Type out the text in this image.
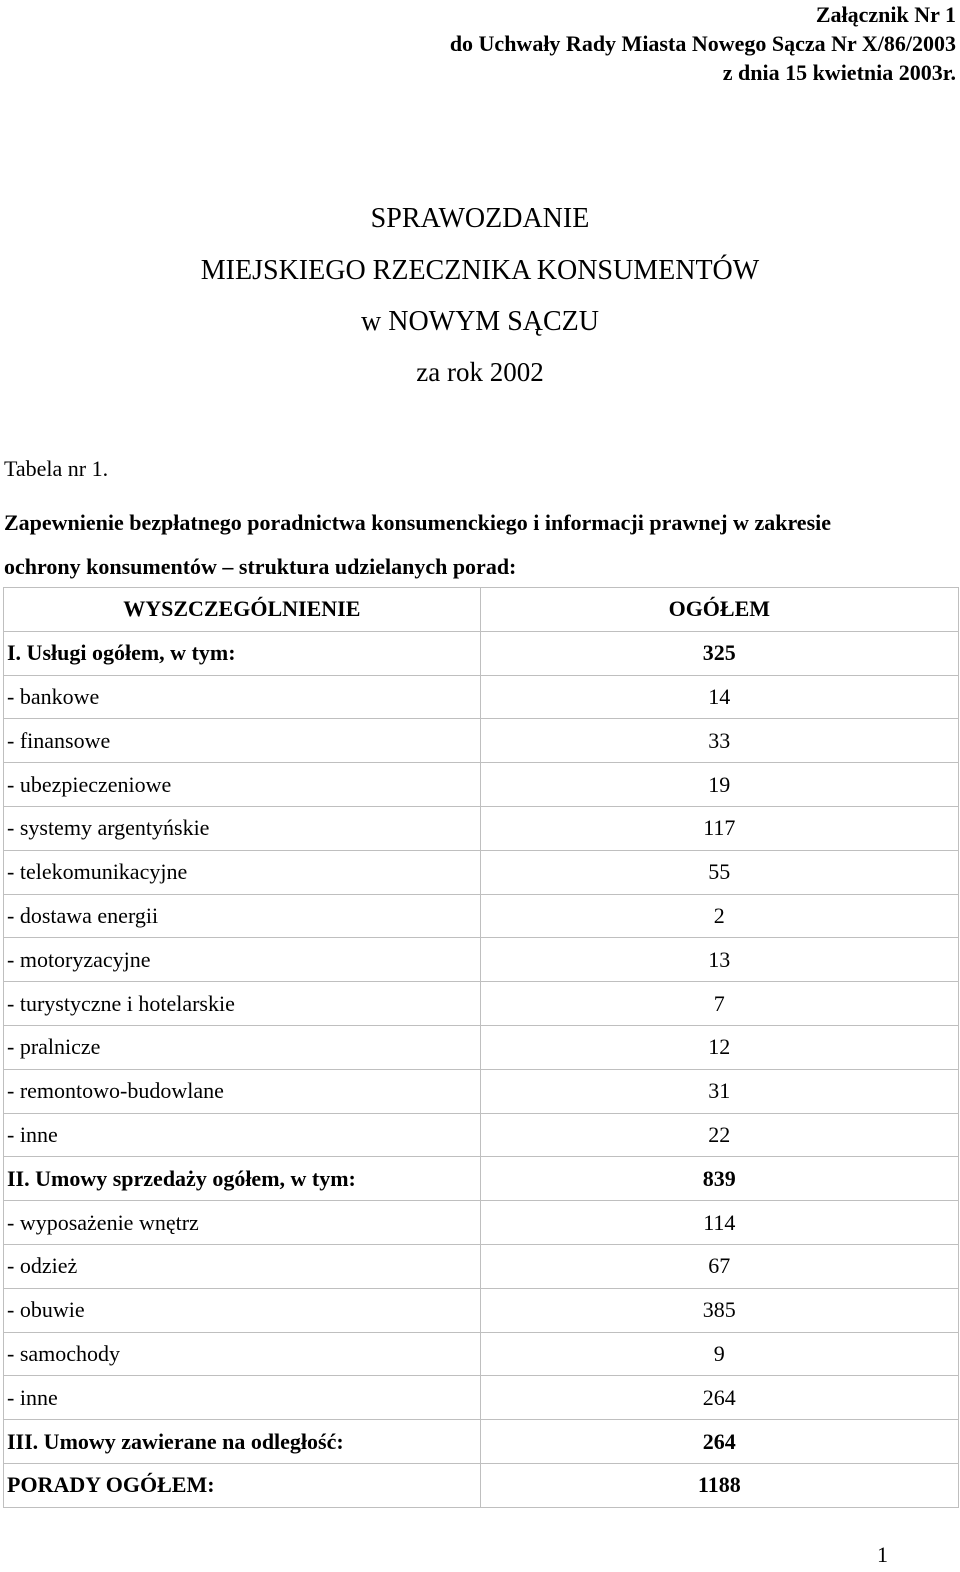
Załącznik Nr 1
do Uchwały Rady Miasta Nowego Sącza Nr X/86/2003
z dnia 15 kwietnia 2003r.
SPRAWOZDANIE
MIEJSKIEGO RZECZNIKA KONSUMENTÓW
w NOWYM SĄCZU
za rok 2002
Tabela nr 1.
Zapewnienie bezpłatnego poradnictwa konsumenckiego i informacji prawnej w zakresie
ochrony konsumentów – struktura udzielanych porad:
WYSZCZEGÓLNIENIE	OGÓŁEM
I. Usługi ogółem, w tym:	325
- bankowe	14
- finansowe	33
- ubezpieczeniowe	19
- systemy argentyńskie	117
- telekomunikacyjne	55
- dostawa energii	2
- motoryzacyjne	13
- turystyczne i hotelarskie	7
- pralnicze	12
- remontowo-budowlane	31
- inne	22
II. Umowy sprzedaży ogółem, w tym:	839
- wyposażenie wnętrz	114
- odzież	67
- obuwie	385
- samochody	9
- inne	264
III. Umowy zawierane na odległość:	264
PORADY OGÓŁEM:	1188
1
